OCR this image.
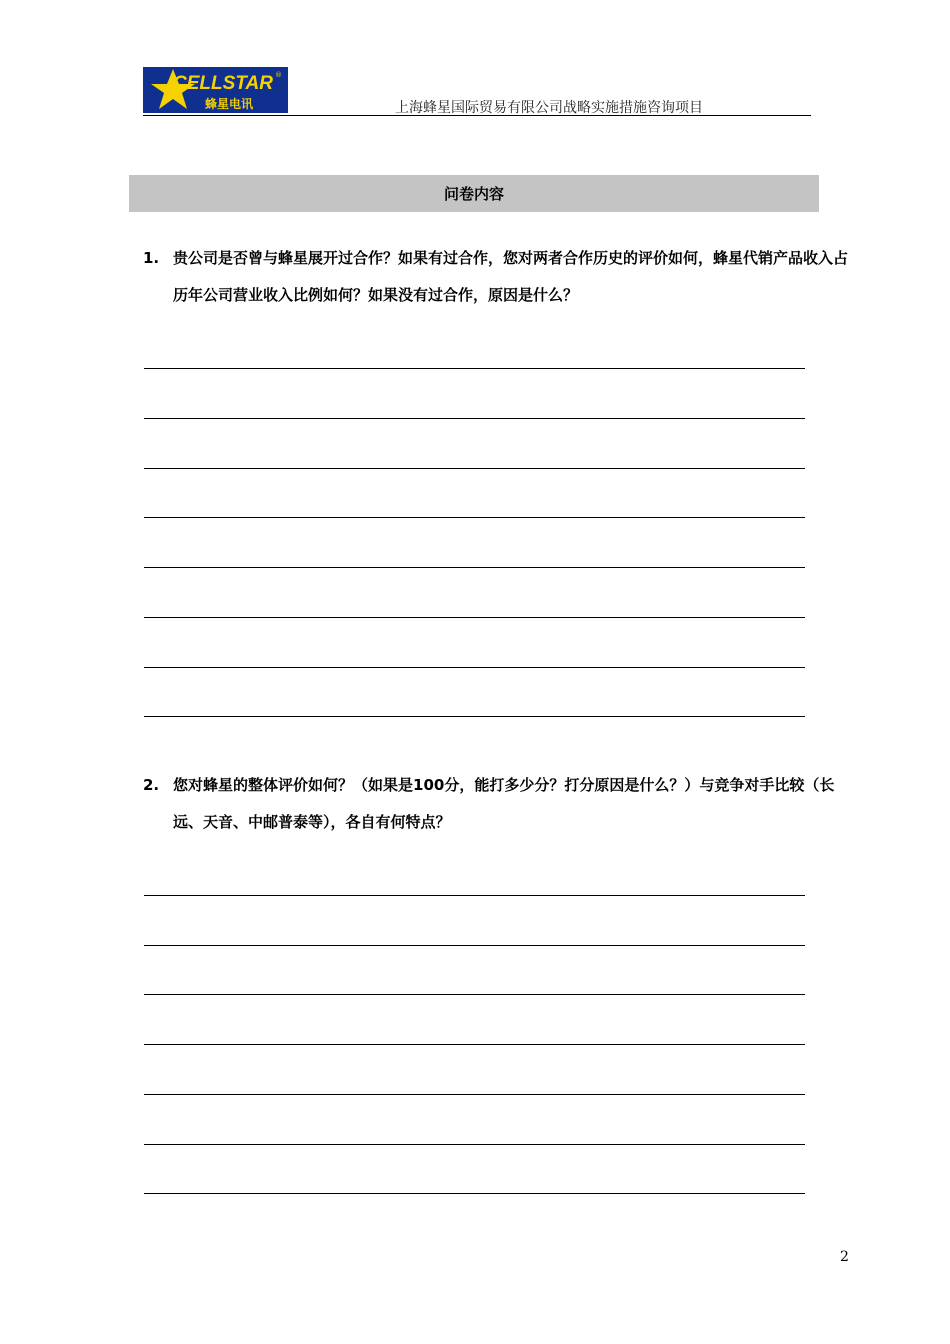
CELLSTAR ®
蜂星电讯	上海蜂星国际贸易有限公司战略实施措施咨询项目
问卷内容
1. 贵公司是否曾与蜂星展开过合作？如果有过合作，您对两者合作历史的评价如何，蜂星代销产品收入占历年公司营业收入比例如何？如果没有过合作，原因是什么？
2. 您对蜂星的整体评价如何？（如果是100分，能打多少分？打分原因是什么？）与竞争对手比较（长远、天音、中邮普泰等），各自有何特点？
2
